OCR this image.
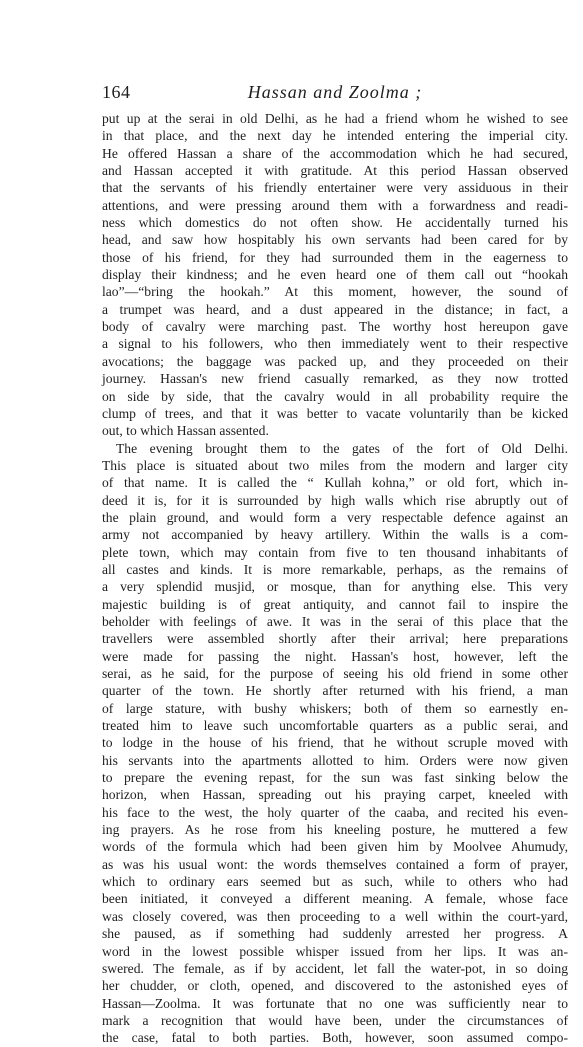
164	Hassan and Zoolma ;
put up at the serai in old Delhi, as he had a friend whom he wished to see
in that place, and the next day he intended entering the imperial city.
He offered Hassan a share of the accommodation which he had secured,
and Hassan accepted it with gratitude. At this period Hassan observed
that the servants of his friendly entertainer were very assiduous in their
attentions, and were pressing around them with a forwardness and readi-
ness which domestics do not often show. He accidentally turned his
head, and saw how hospitably his own servants had been cared for by
those of his friend, for they had surrounded them in the eagerness to
display their kindness; and he even heard one of them call out “hookah
lao”—“bring the hookah.” At this moment, however, the sound of
a trumpet was heard, and a dust appeared in the distance; in fact, a
body of cavalry were marching past. The worthy host hereupon gave
a signal to his followers, who then immediately went to their respective
avocations; the baggage was packed up, and they proceeded on their
journey. Hassan's new friend casually remarked, as they now trotted
on side by side, that the cavalry would in all probability require the
clump of trees, and that it was better to vacate voluntarily than be kicked
out, to which Hassan assented.
The evening brought them to the gates of the fort of Old Delhi.
This place is situated about two miles from the modern and larger city
of that name. It is called the “ Kullah kohna,” or old fort, which in-
deed it is, for it is surrounded by high walls which rise abruptly out of
the plain ground, and would form a very respectable defence against an
army not accompanied by heavy artillery. Within the walls is a com-
plete town, which may contain from five to ten thousand inhabitants of
all castes and kinds. It is more remarkable, perhaps, as the remains of
a very splendid musjid, or mosque, than for anything else. This very
majestic building is of great antiquity, and cannot fail to inspire the
beholder with feelings of awe. It was in the serai of this place that the
travellers were assembled shortly after their arrival; here preparations
were made for passing the night. Hassan's host, however, left the
serai, as he said, for the purpose of seeing his old friend in some other
quarter of the town. He shortly after returned with his friend, a man
of large stature, with bushy whiskers; both of them so earnestly en-
treated him to leave such uncomfortable quarters as a public serai, and
to lodge in the house of his friend, that he without scruple moved with
his servants into the apartments allotted to him. Orders were now given
to prepare the evening repast, for the sun was fast sinking below the
horizon, when Hassan, spreading out his praying carpet, kneeled with
his face to the west, the holy quarter of the caaba, and recited his even-
ing prayers. As he rose from his kneeling posture, he muttered a few
words of the formula which had been given him by Moolvee Ahumudy,
as was his usual wont: the words themselves contained a form of prayer,
which to ordinary ears seemed but as such, while to others who had
been initiated, it conveyed a different meaning. A female, whose face
was closely covered, was then proceeding to a well within the court-yard,
she paused, as if something had suddenly arrested her progress. A
word in the lowest possible whisper issued from her lips. It was an-
swered. The female, as if by accident, let fall the water-pot, in so doing
her chudder, or cloth, opened, and discovered to the astonished eyes of
Hassan—Zoolma. It was fortunate that no one was sufficiently near to
mark a recognition that would have been, under the circumstances of
the case, fatal to both parties. Both, however, soon assumed compo-
